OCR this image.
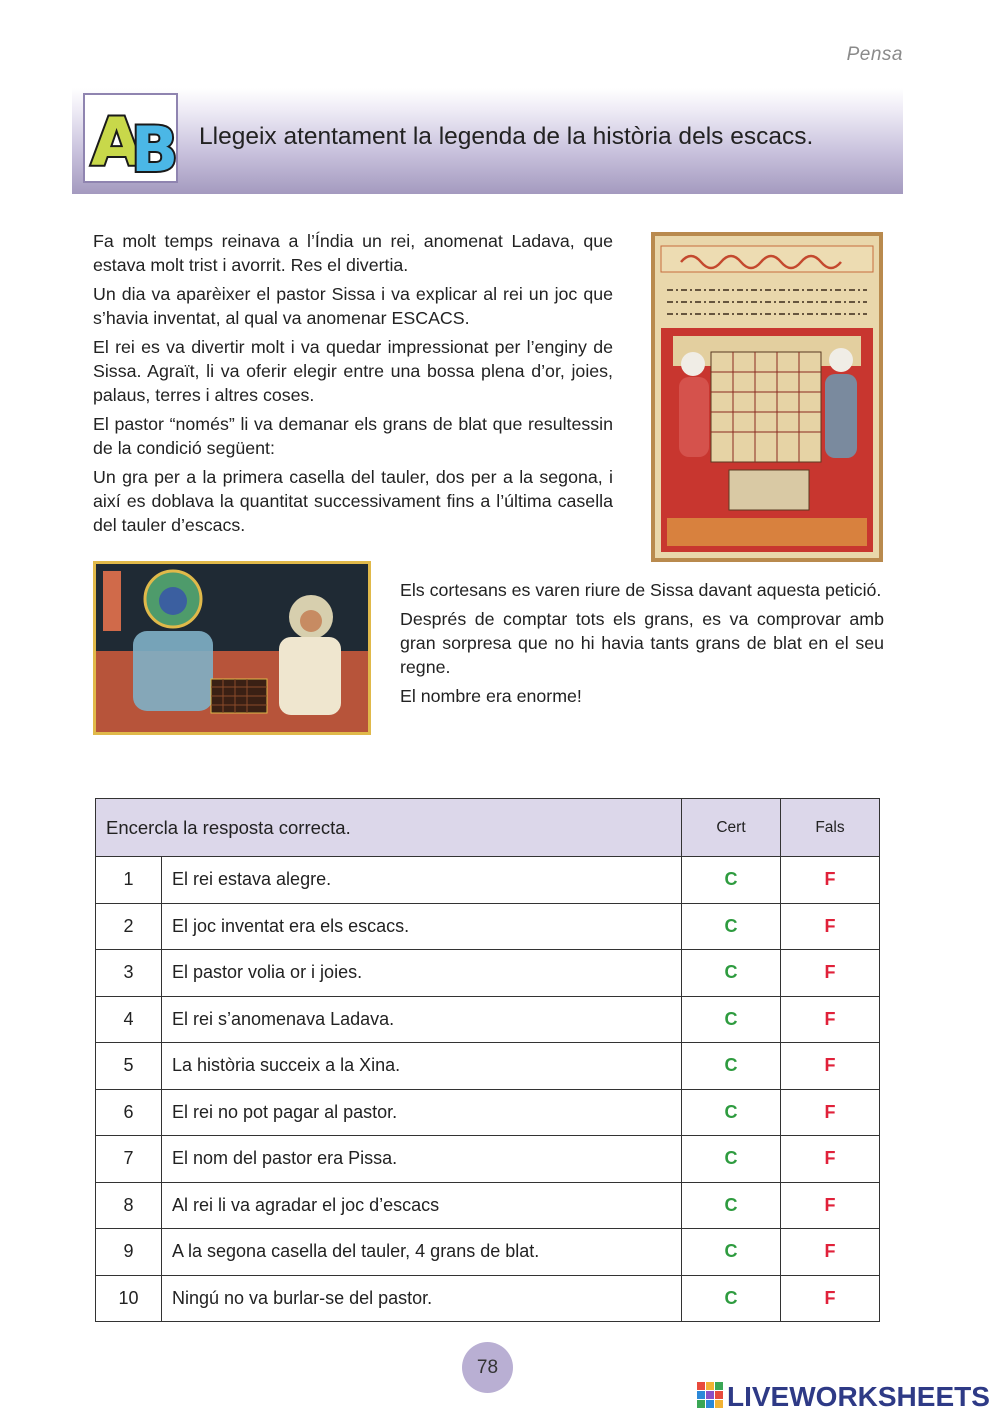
Pensa
A
B Llegeix atentament la legenda de la història dels escacs.

Fa molt temps reinava a l’Índia un rei, anomenat Ladava, que estava molt trist i avorrit. Res el divertia.

Un dia va aparèixer el pastor Sissa i va explicar al rei un joc que s’havia inventat, al qual va anomenar ESCACS.

El rei es va divertir molt i va quedar impressionat per l’enginy de Sissa. Agraït, li va oferir elegir entre una bossa plena d’or, joies, palaus, terres i altres coses.

El pastor “només” li va demanar els grans de blat que resultessin de la condició següent:

Un gra per a la primera casella del tauler, dos per a la segona, i així es doblava la quantitat successivament fins a l’última casella del tauler d’escacs.

Els cortesans es varen riure de Sissa davant aquesta petició.

Després de comptar tots els grans, es va comprovar amb gran sorpresa que no hi havia tants grans de blat en el seu regne.

El nombre era enorme!

Encercla la resposta correcta.		Cert	Fals
1	El rei estava alegre.	C	F
2	El joc inventat era els escacs.	C	F
3	El pastor volia or i joies.	C	F
4	El rei s’anomenava Ladava.	C	F
5	La història succeix a la Xina.	C	F
6	El rei no pot pagar al pastor.	C	F
7	El nom del pastor era Pissa.	C	F
8	Al rei li va agradar el joc d’escacs	C	F
9	A la segona casella del tauler, 4 grans de blat.	C	F
10	Ningú no va burlar-se del pastor.	C	F
78
LIVEWORKSHEETS
